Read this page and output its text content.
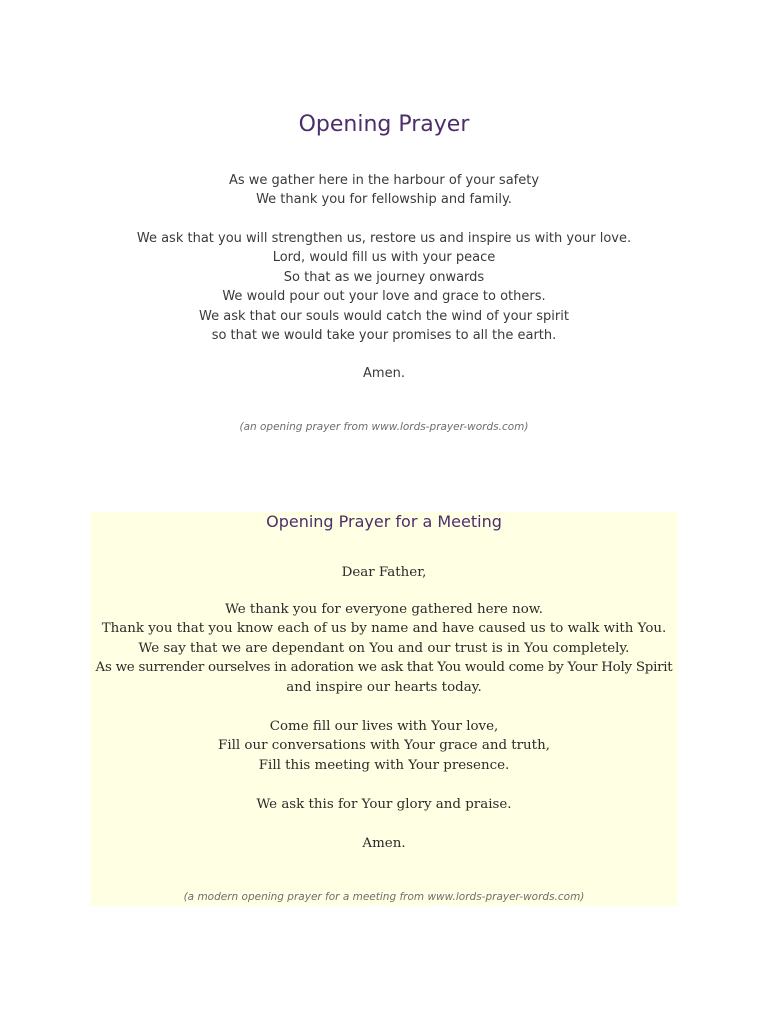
Opening Prayer
As we gather here in the harbour of your safety
We thank you for fellowship and family.
We ask that you will strengthen us, restore us and inspire us with your love.
Lord, would fill us with your peace
So that as we journey onwards
We would pour out your love and grace to others.
We ask that our souls would catch the wind of your spirit
so that we would take your promises to all the earth.
Amen.
(an opening prayer from www.lords-prayer-words.com)
Opening Prayer for a Meeting
Dear Father,
We thank you for everyone gathered here now.
Thank you that you know each of us by name and have caused us to walk with You.
We say that we are dependant on You and our trust is in You completely.
As we surrender ourselves in adoration we ask that You would come by Your Holy Spirit
and inspire our hearts today.
Come fill our lives with Your love,
Fill our conversations with Your grace and truth,
Fill this meeting with Your presence.
We ask this for Your glory and praise.
Amen.
(a modern opening prayer for a meeting from www.lords-prayer-words.com)
